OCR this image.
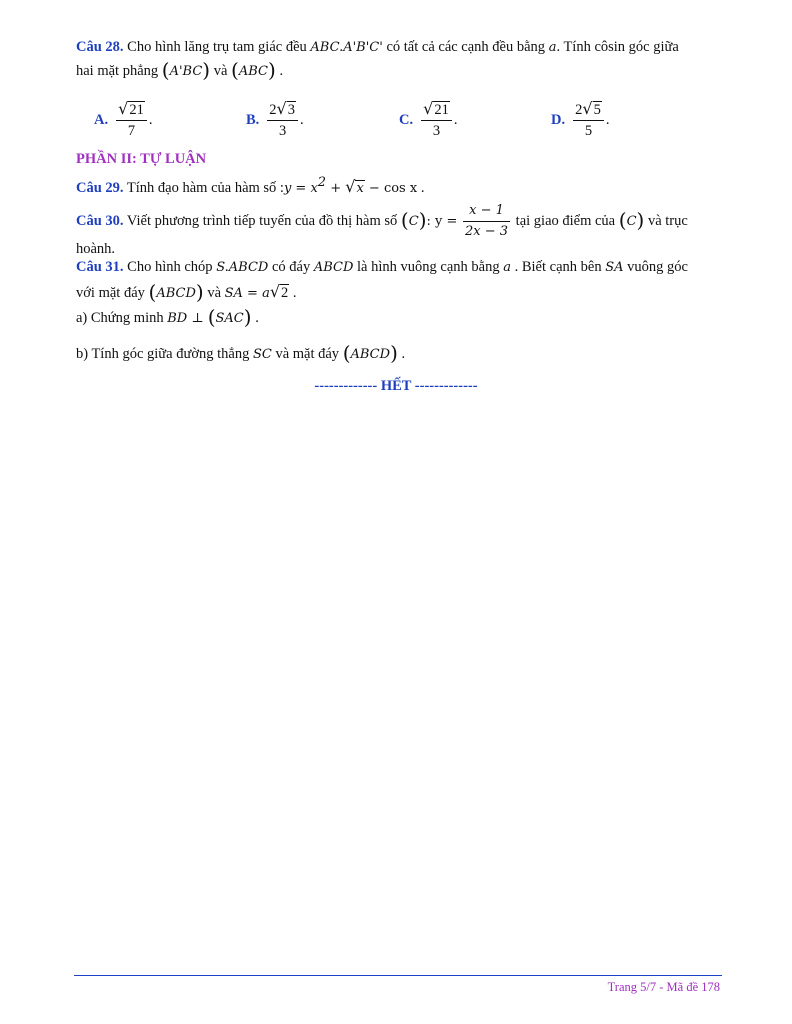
Câu 28. Cho hình lăng trụ tam giác đều ABC.A'B'C' có tất cả các cạnh đều bằng a. Tính côsin góc giữa
hai mặt phẳng (A'BC) và (ABC) .
A. $\frac{√21}{7}$ .	B. $\frac{2√3}{3}$ .	C. $\frac{√21}{3}$ .	D. $\frac{2√5}{5}$ .
PHẦN II: TỰ LUẬN
Câu 29. Tính đạo hàm của hàm số :y = $x^2 + √x - \cos x$ .
Câu 30. Viết phương trình tiếp tuyến của đồ thị hàm số (C): $y = \frac{x - 1}{2x - 3}$ tại giao điểm của (C) và trục
hoành.
Câu 31. Cho hình chóp S.ABCD có đáy ABCD là hình vuông cạnh bằng a . Biết cạnh bên SA vuông góc
với mặt đáy (ABCD) và SA = a√2 .
a) Chứng minh BD ⊥ (SAC) .
b) Tính góc giữa đường thẳng SC và mặt đáy (ABCD) .
------------- HẾT -------------
Trang 5/7 - Mã đề 178
